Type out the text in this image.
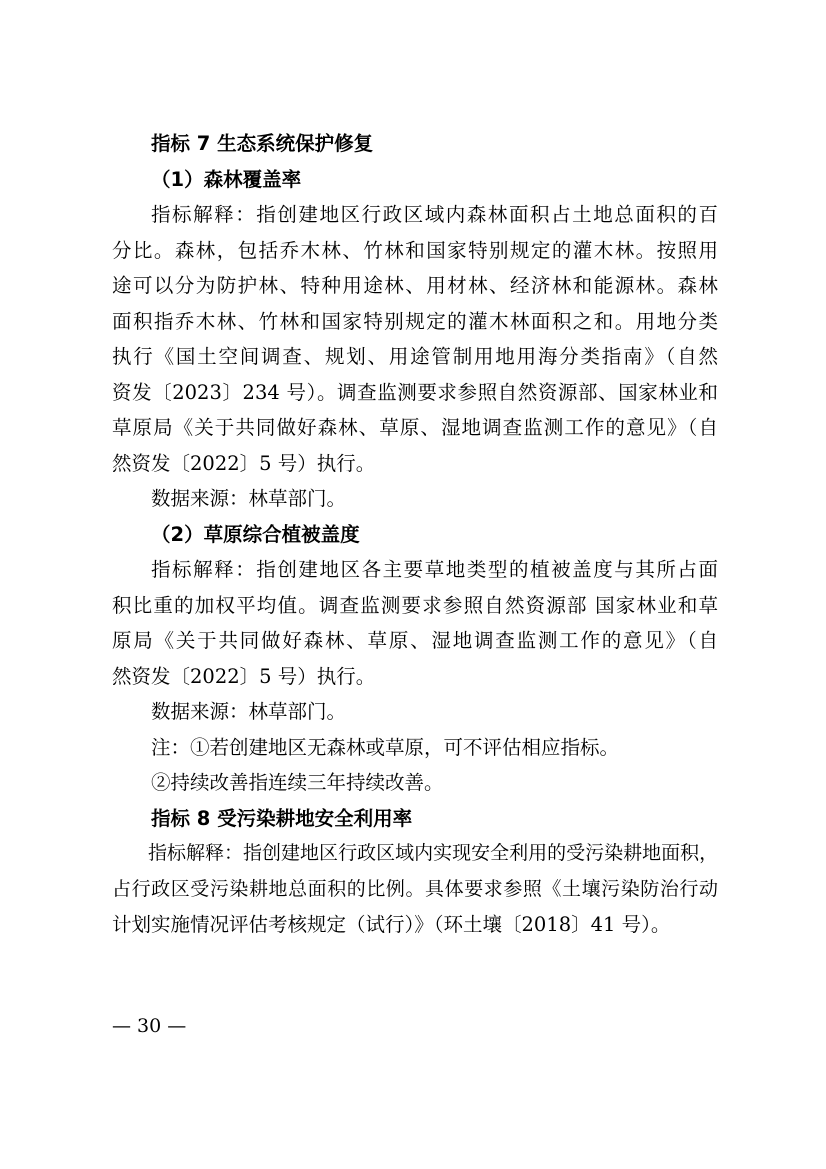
指标 7 生态系统保护修复
（1）森林覆盖率
指标解释：指创建地区行政区域内森林面积占土地总面积的百
分比。森林，包括乔木林、竹林和国家特别规定的灌木林。按照用
途可以分为防护林、特种用途林、用材林、经济林和能源林。森林
面积指乔木林、竹林和国家特别规定的灌木林面积之和。用地分类
执行《国土空间调查、规划、用途管制用地用海分类指南》（自然
资发〔2023〕234 号）。调查监测要求参照自然资源部、国家林业和
草原局《关于共同做好森林、草原、湿地调查监测工作的意见》（自
然资发〔2022〕5 号）执行。
数据来源：林草部门。
（2）草原综合植被盖度
指标解释：指创建地区各主要草地类型的植被盖度与其所占面
积比重的加权平均值。调查监测要求参照自然资源部 国家林业和草
原局《关于共同做好森林、草原、湿地调查监测工作的意见》（自
然资发〔2022〕5 号）执行。
数据来源：林草部门。
注：①若创建地区无森林或草原，可不评估相应指标。
②持续改善指连续三年持续改善。
指标 8 受污染耕地安全利用率
指标解释：指创建地区行政区域内实现安全利用的受污染耕地面积，
占行政区受污染耕地总面积的比例。具体要求参照《土壤污染防治行动
计划实施情况评估考核规定（试行）》（环土壤〔2018〕41 号）。
— 30 —
